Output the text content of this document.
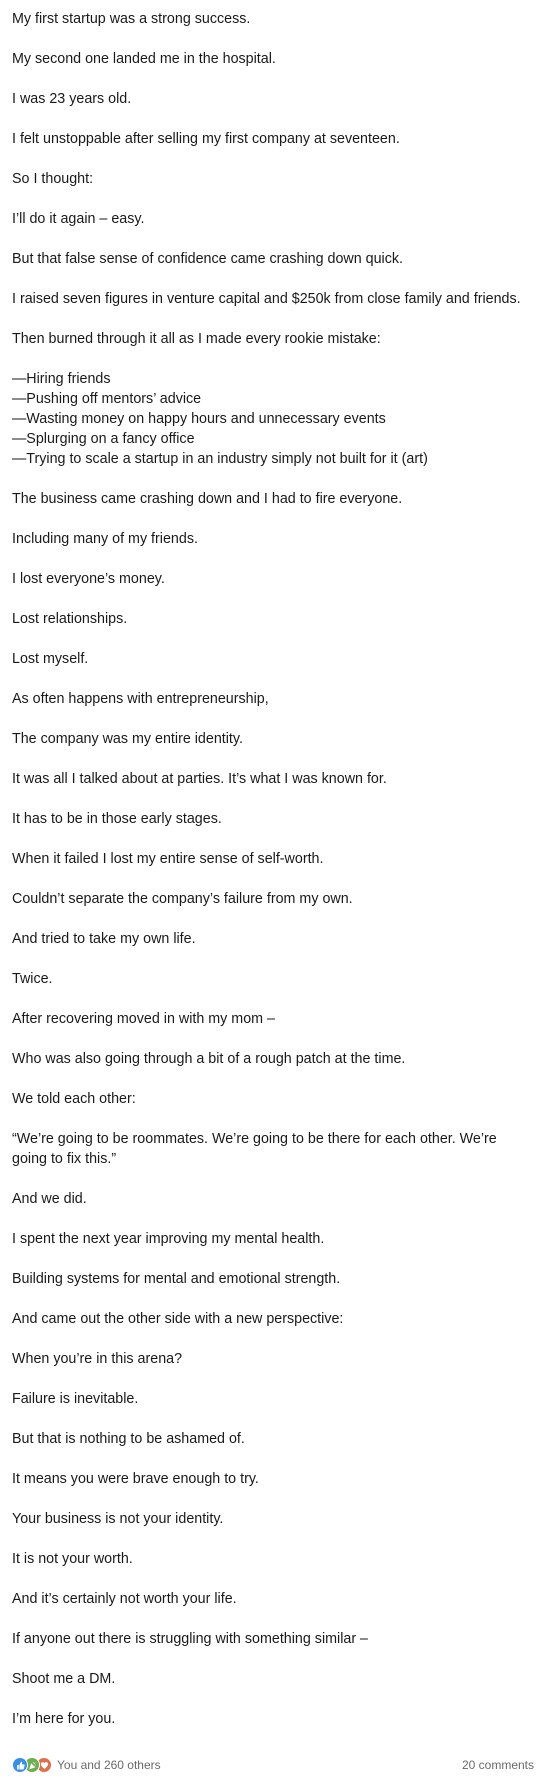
My first startup was a strong success.

My second one landed me in the hospital.

I was 23 years old.

I felt unstoppable after selling my first company at seventeen.

So I thought:

I’ll do it again – easy.

But that false sense of confidence came crashing down quick.

I raised seven figures in venture capital and $250k from close family and friends.

Then burned through it all as I made every rookie mistake:

—Hiring friends
—Pushing off mentors’ advice
—Wasting money on happy hours and unnecessary events
—Splurging on a fancy office
—Trying to scale a startup in an industry simply not built for it (art)

The business came crashing down and I had to fire everyone.

Including many of my friends.

I lost everyone’s money.

Lost relationships.

Lost myself.

As often happens with entrepreneurship,

The company was my entire identity.

It was all I talked about at parties. It’s what I was known for.

It has to be in those early stages.

When it failed I lost my entire sense of self-worth.

Couldn’t separate the company’s failure from my own.

And tried to take my own life.

Twice.

After recovering moved in with my mom –

Who was also going through a bit of a rough patch at the time.

We told each other:

“We’re going to be roommates. We’re going to be there for each other. We’re going to fix this.”

And we did.

I spent the next year improving my mental health.

Building systems for mental and emotional strength.

And came out the other side with a new perspective:

When you’re in this arena?

Failure is inevitable.

But that is nothing to be ashamed of.

It means you were brave enough to try.

Your business is not your identity.

It is not your worth.

And it’s certainly not worth your life.

If anyone out there is struggling with something similar –

Shoot me a DM.

I’m here for you.

You and 260 others	20 comments
